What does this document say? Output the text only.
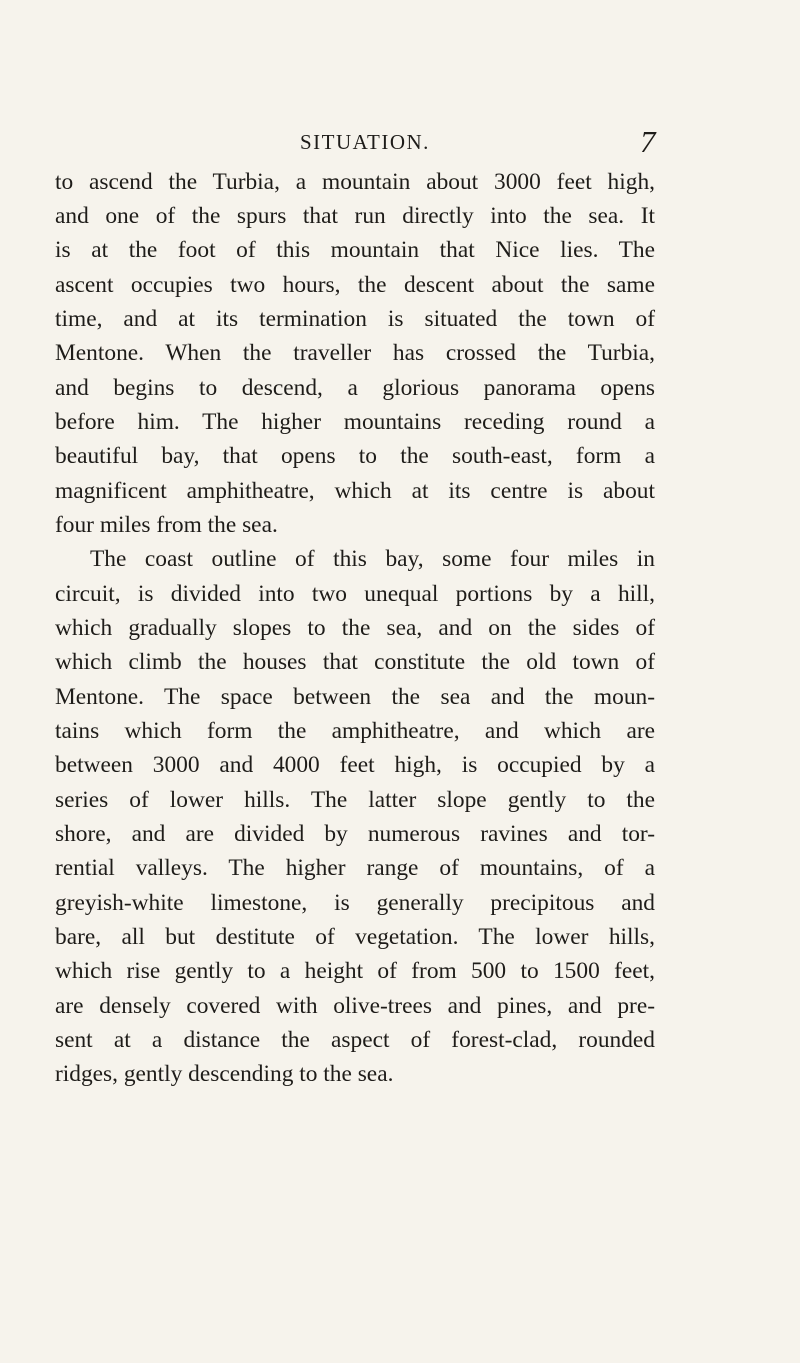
SITUATION.	7
to ascend the Turbia, a mountain about 3000 feet high,
and one of the spurs that run directly into the sea. It
is at the foot of this mountain that Nice lies. The
ascent occupies two hours, the descent about the same
time, and at its termination is situated the town of
Mentone. When the traveller has crossed the Turbia,
and begins to descend, a glorious panorama opens
before him. The higher mountains receding round a
beautiful bay, that opens to the south-east, form a
magnificent amphitheatre, which at its centre is about
four miles from the sea.
The coast outline of this bay, some four miles in
circuit, is divided into two unequal portions by a hill,
which gradually slopes to the sea, and on the sides of
which climb the houses that constitute the old town of
Mentone. The space between the sea and the moun-
tains which form the amphitheatre, and which are
between 3000 and 4000 feet high, is occupied by a
series of lower hills. The latter slope gently to the
shore, and are divided by numerous ravines and tor-
rential valleys. The higher range of mountains, of a
greyish-white limestone, is generally precipitous and
bare, all but destitute of vegetation. The lower hills,
which rise gently to a height of from 500 to 1500 feet,
are densely covered with olive-trees and pines, and pre-
sent at a distance the aspect of forest-clad, rounded
ridges, gently descending to the sea.
